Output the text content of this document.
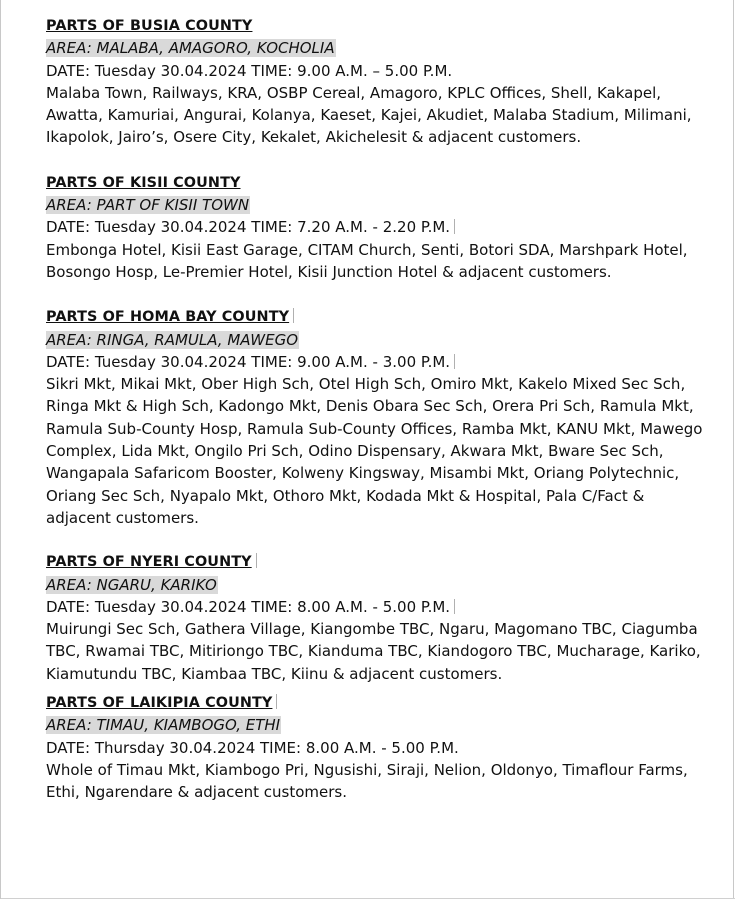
PARTS OF BUSIA COUNTY
AREA: MALABA, AMAGORO, KOCHOLIA
DATE: Tuesday 30.04.2024 TIME: 9.00 A.M. – 5.00 P.M.
Malaba Town, Railways, KRA, OSBP Cereal, Amagoro, KPLC Offices, Shell, Kakapel, Awatta, Kamuriai, Angurai, Kolanya, Kaeset, Kajei, Akudiet, Malaba Stadium, Milimani, Ikapolok, Jairo’s, Osere City, Kekalet, Akichelesit & adjacent customers.
PARTS OF KISII COUNTY
AREA: PART OF KISII TOWN
DATE: Tuesday 30.04.2024 TIME: 7.20 A.M. - 2.20 P.M.
Embonga Hotel, Kisii East Garage, CITAM Church, Senti, Botori SDA, Marshpark Hotel, Bosongo Hosp, Le-Premier Hotel, Kisii Junction Hotel & adjacent customers.
PARTS OF HOMA BAY COUNTY
AREA: RINGA, RAMULA, MAWEGO
DATE: Tuesday 30.04.2024 TIME: 9.00 A.M. - 3.00 P.M.
Sikri Mkt, Mikai Mkt, Ober High Sch, Otel High Sch, Omiro Mkt, Kakelo Mixed Sec Sch, Ringa Mkt & High Sch, Kadongo Mkt, Denis Obara Sec Sch, Orera Pri Sch, Ramula Mkt, Ramula Sub-County Hosp, Ramula Sub-County Offices, Ramba Mkt, KANU Mkt, Mawego Complex, Lida Mkt, Ongilo Pri Sch, Odino Dispensary, Akwara Mkt, Bware Sec Sch, Wangapala Safaricom Booster, Kolweny Kingsway, Misambi Mkt, Oriang Polytechnic, Oriang Sec Sch, Nyapalo Mkt, Othoro Mkt, Kodada Mkt & Hospital, Pala C/Fact & adjacent customers.
PARTS OF NYERI COUNTY
AREA: NGARU, KARIKO
DATE: Tuesday 30.04.2024 TIME: 8.00 A.M. - 5.00 P.M.
Muirungi Sec Sch, Gathera Village, Kiangombe TBC, Ngaru, Magomano TBC, Ciagumba TBC, Rwamai TBC, Mitiriongo TBC, Kianduma TBC, Kiandogoro TBC, Mucharage, Kariko, Kiamutundu TBC, Kiambaa TBC, Kiinu & adjacent customers.
PARTS OF LAIKIPIA COUNTY
AREA: TIMAU, KIAMBOGO, ETHI
DATE: Thursday 30.04.2024 TIME: 8.00 A.M. - 5.00 P.M.
Whole of Timau Mkt, Kiambogo Pri, Ngusishi, Siraji, Nelion, Oldonyo, Timaflour Farms, Ethi, Ngarendare & adjacent customers.
